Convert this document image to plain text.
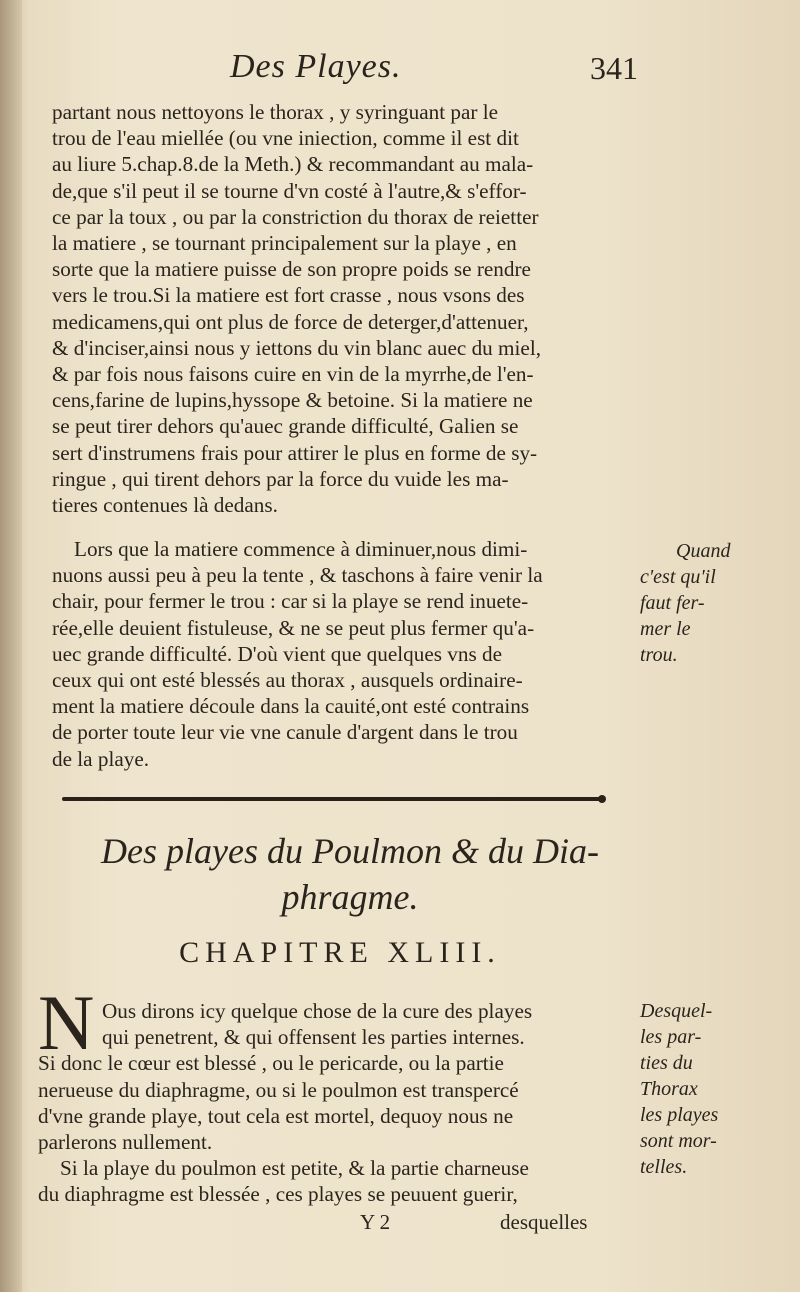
Des Playes.	341
partant nous nettoyons le thorax , y syringuant par le
trou de l'eau miellée (ou vne iniection, comme il est dit
au liure 5.chap.8.de la Meth.) & recommandant au mala-
de,que s'il peut il se tourne d'vn costé à l'autre,& s'effor-
ce par la toux , ou par la constriction du thorax de reietter
la matiere , se tournant principalement sur la playe , en
sorte que la matiere puisse de son propre poids se rendre
vers le trou.Si la matiere est fort crasse , nous vsons des
medicamens,qui ont plus de force de deterger,d'attenuer,
& d'inciser,ainsi nous y iettons du vin blanc auec du miel,
& par fois nous faisons cuire en vin de la myrrhe,de l'en-
cens,farine de lupins,hyssope & betoine. Si la matiere ne
se peut tirer dehors qu'auec grande difficulté, Galien se
sert d'instrumens frais pour attirer le plus en forme de sy-
ringue , qui tirent dehors par la force du vuide les ma-
tieres contenues là dedans.
Lors que la matiere commence à diminuer,nous dimi-
nuons aussi peu à peu la tente , & taschons à faire venir la
chair, pour fermer le trou : car si la playe se rend inuete-
rée,elle deuient fistuleuse, & ne se peut plus fermer qu'a-
uec grande difficulté. D'où vient que quelques vns de
ceux qui ont esté blessés au thorax , ausquels ordinaire-
ment la matiere découle dans la cauité,ont esté contrains
de porter toute leur vie vne canule d'argent dans le trou
de la playe.
Quand
c'est qu'il
faut fer-
mer le
trou.
Des playes du Poulmon & du Dia-
phragme.
CHAPITRE XLIII.
N Ous dirons icy quelque chose de la cure des playes
qui penetrent, & qui offensent les parties internes.
Si donc le cœur est blessé , ou le pericarde, ou la partie
nerueuse du diaphragme, ou si le poulmon est transpercé
d'vne grande playe, tout cela est mortel, dequoy nous ne
parlerons nullement.
Si la playe du poulmon est petite, & la partie charneuse
du diaphragme est blessée , ces playes se peuuent guerir,
Desquel-
les par-
ties du
Thorax
les playes
sont mor-
telles.
Y 2	desquelles
